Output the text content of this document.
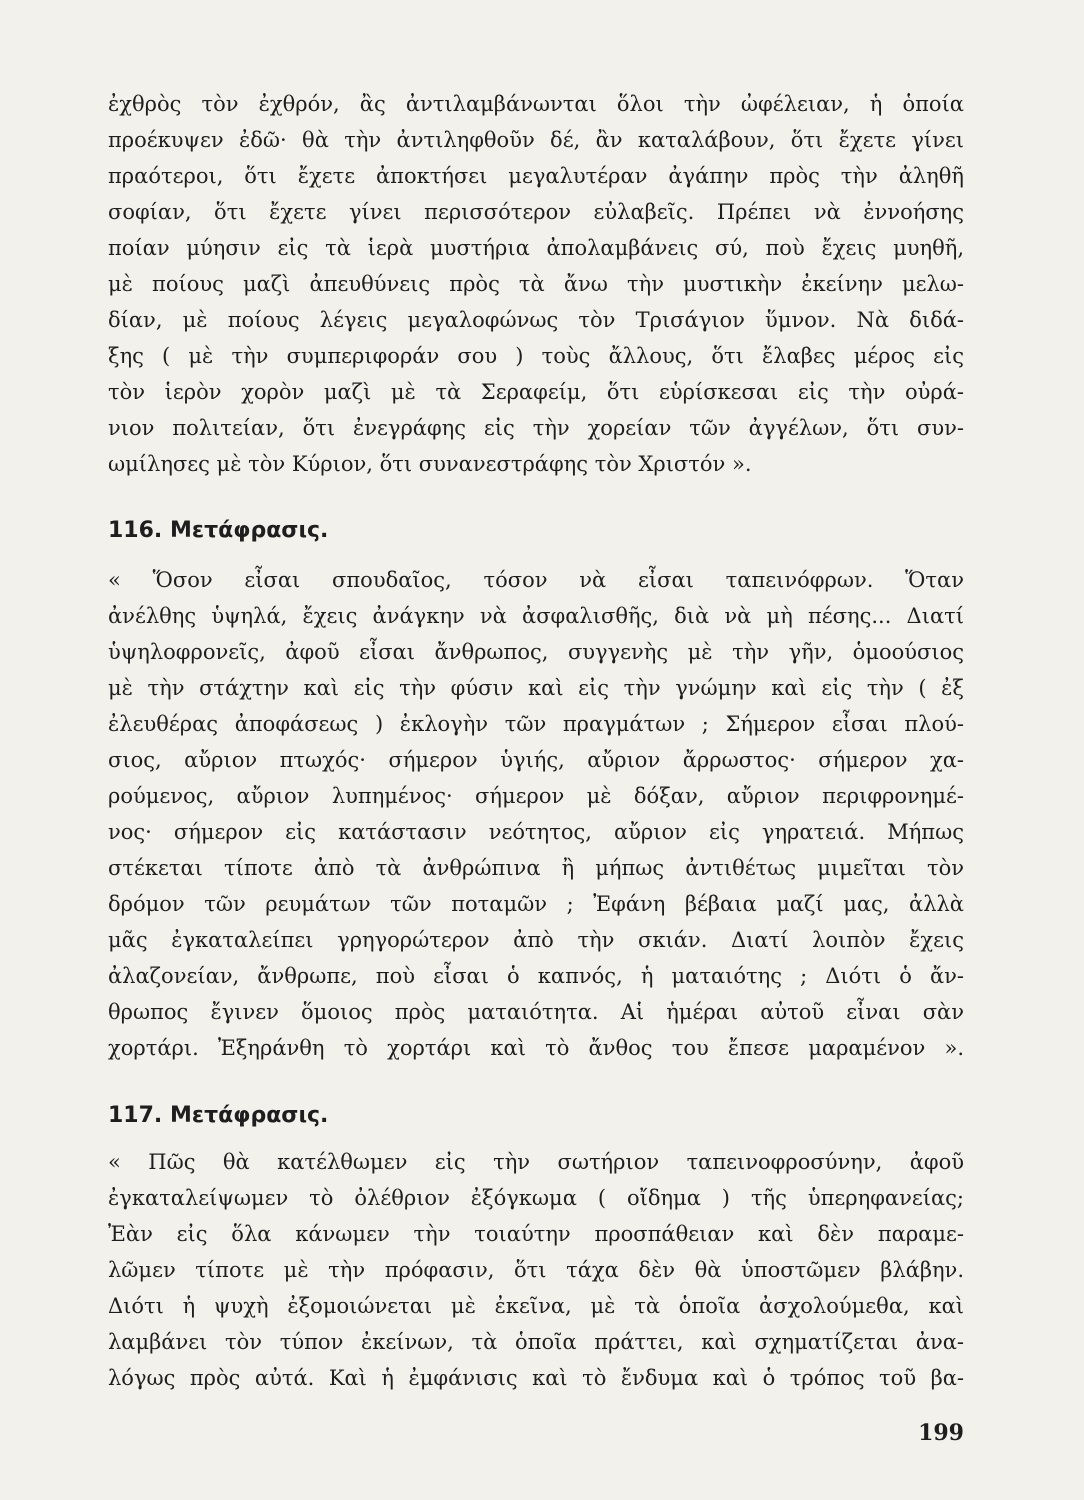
ἐχθρὸς τὸν ἐχθρόν, ἂς ἀντιλαμβάνωνται ὅλοι τὴν ὠφέλειαν, ἡ ὁποία

προέκυψεν ἐδῶ· θὰ τὴν ἀντιληφθοῦν δέ, ἂν καταλάβουν, ὅτι ἔχετε γίνει

πραότεροι, ὅτι ἔχετε ἀποκτήσει μεγαλυτέραν ἀγάπην πρὸς τὴν ἀληθῆ

σοφίαν, ὅτι ἔχετε γίνει περισσότερον εὐλαβεῖς. Πρέπει νὰ ἐννοήσης

ποίαν μύησιν εἰς τὰ ἱερὰ μυστήρια ἀπολαμβάνεις σύ, ποὺ ἔχεις μυηθῆ,

μὲ ποίους μαζὶ ἀπευθύνεις πρὸς τὰ ἄνω τὴν μυστικὴν ἐκείνην μελω-

δίαν, μὲ ποίους λέγεις μεγαλοφώνως τὸν Τρισάγιον ὕμνον. Νὰ διδά-

ξης ( μὲ τὴν συμπεριφοράν σου ) τοὺς ἄλλους, ὅτι ἔλαβες μέρος εἰς

τὸν ἱερὸν χορὸν μαζὶ μὲ τὰ Σεραφείμ, ὅτι εὑρίσκεσαι εἰς τὴν οὐρά-

νιον πολιτείαν, ὅτι ἐνεγράφης εἰς τὴν χορείαν τῶν ἀγγέλων, ὅτι συν-

ωμίλησες μὲ τὸν Κύριον, ὅτι συνανεστράφης τὸν Χριστόν ».

116. Μετάφρασις.

« Ὅσον εἶσαι σπουδαῖος, τόσον νὰ εἶσαι ταπεινόφρων. Ὅταν

ἀνέλθης ὑψηλά, ἔχεις ἀνάγκην νὰ ἀσφαλισθῆς, διὰ νὰ μὴ πέσης... Διατί

ὑψηλοφρονεῖς, ἀφοῦ εἶσαι ἄνθρωπος, συγγενὴς μὲ τὴν γῆν, ὁμοούσιος

μὲ τὴν στάχτην καὶ εἰς τὴν φύσιν καὶ εἰς τὴν γνώμην καὶ εἰς τὴν ( ἐξ

ἐλευθέρας ἀποφάσεως ) ἐκλογὴν τῶν πραγμάτων ; Σήμερον εἶσαι πλού-

σιος, αὔριον πτωχός· σήμερον ὑγιής, αὔριον ἄρρωστος· σήμερον χα-

ρούμενος, αὔριον λυπημένος· σήμερον μὲ δόξαν, αὔριον περιφρονημέ-

νος· σήμερον εἰς κατάστασιν νεότητος, αὔριον εἰς γηρατειά. Μήπως

στέκεται τίποτε ἀπὸ τὰ ἀνθρώπινα ἢ μήπως ἀντιθέτως μιμεῖται τὸν

δρόμον τῶν ρευμάτων τῶν ποταμῶν ; Ἐφάνη βέβαια μαζί μας, ἀλλὰ

μᾶς ἐγκαταλείπει γρηγορώτερον ἀπὸ τὴν σκιάν. Διατί λοιπὸν ἔχεις

ἀλαζονείαν, ἄνθρωπε, ποὺ εἶσαι ὁ καπνός, ἡ ματαιότης ; Διότι ὁ ἄν-

θρωπος ἔγινεν ὅμοιος πρὸς ματαιότητα. Αἱ ἡμέραι αὐτοῦ εἶναι σὰν

χορτάρι. Ἐξηράνθη τὸ χορτάρι καὶ τὸ ἄνθος του ἔπεσε μαραμένον ».

117. Μετάφρασις.

« Πῶς θὰ κατέλθωμεν εἰς τὴν σωτήριον ταπεινοφροσύνην, ἀφοῦ

ἐγκαταλείψωμεν τὸ ὀλέθριον ἐξόγκωμα ( οἴδημα ) τῆς ὑπερηφανείας;

Ἐὰν εἰς ὅλα κάνωμεν τὴν τοιαύτην προσπάθειαν καὶ δὲν παραμε-

λῶμεν τίποτε μὲ τὴν πρόφασιν, ὅτι τάχα δὲν θὰ ὑποστῶμεν βλάβην.

Διότι ἡ ψυχὴ ἐξομοιώνεται μὲ ἐκεῖνα, μὲ τὰ ὁποῖα ἀσχολούμεθα, καὶ

λαμβάνει τὸν τύπον ἐκείνων, τὰ ὁποῖα πράττει, καὶ σχηματίζεται ἀνα-

λόγως πρὸς αὐτά. Καὶ ἡ ἐμφάνισις καὶ τὸ ἔνδυμα καὶ ὁ τρόπος τοῦ βα-

199
